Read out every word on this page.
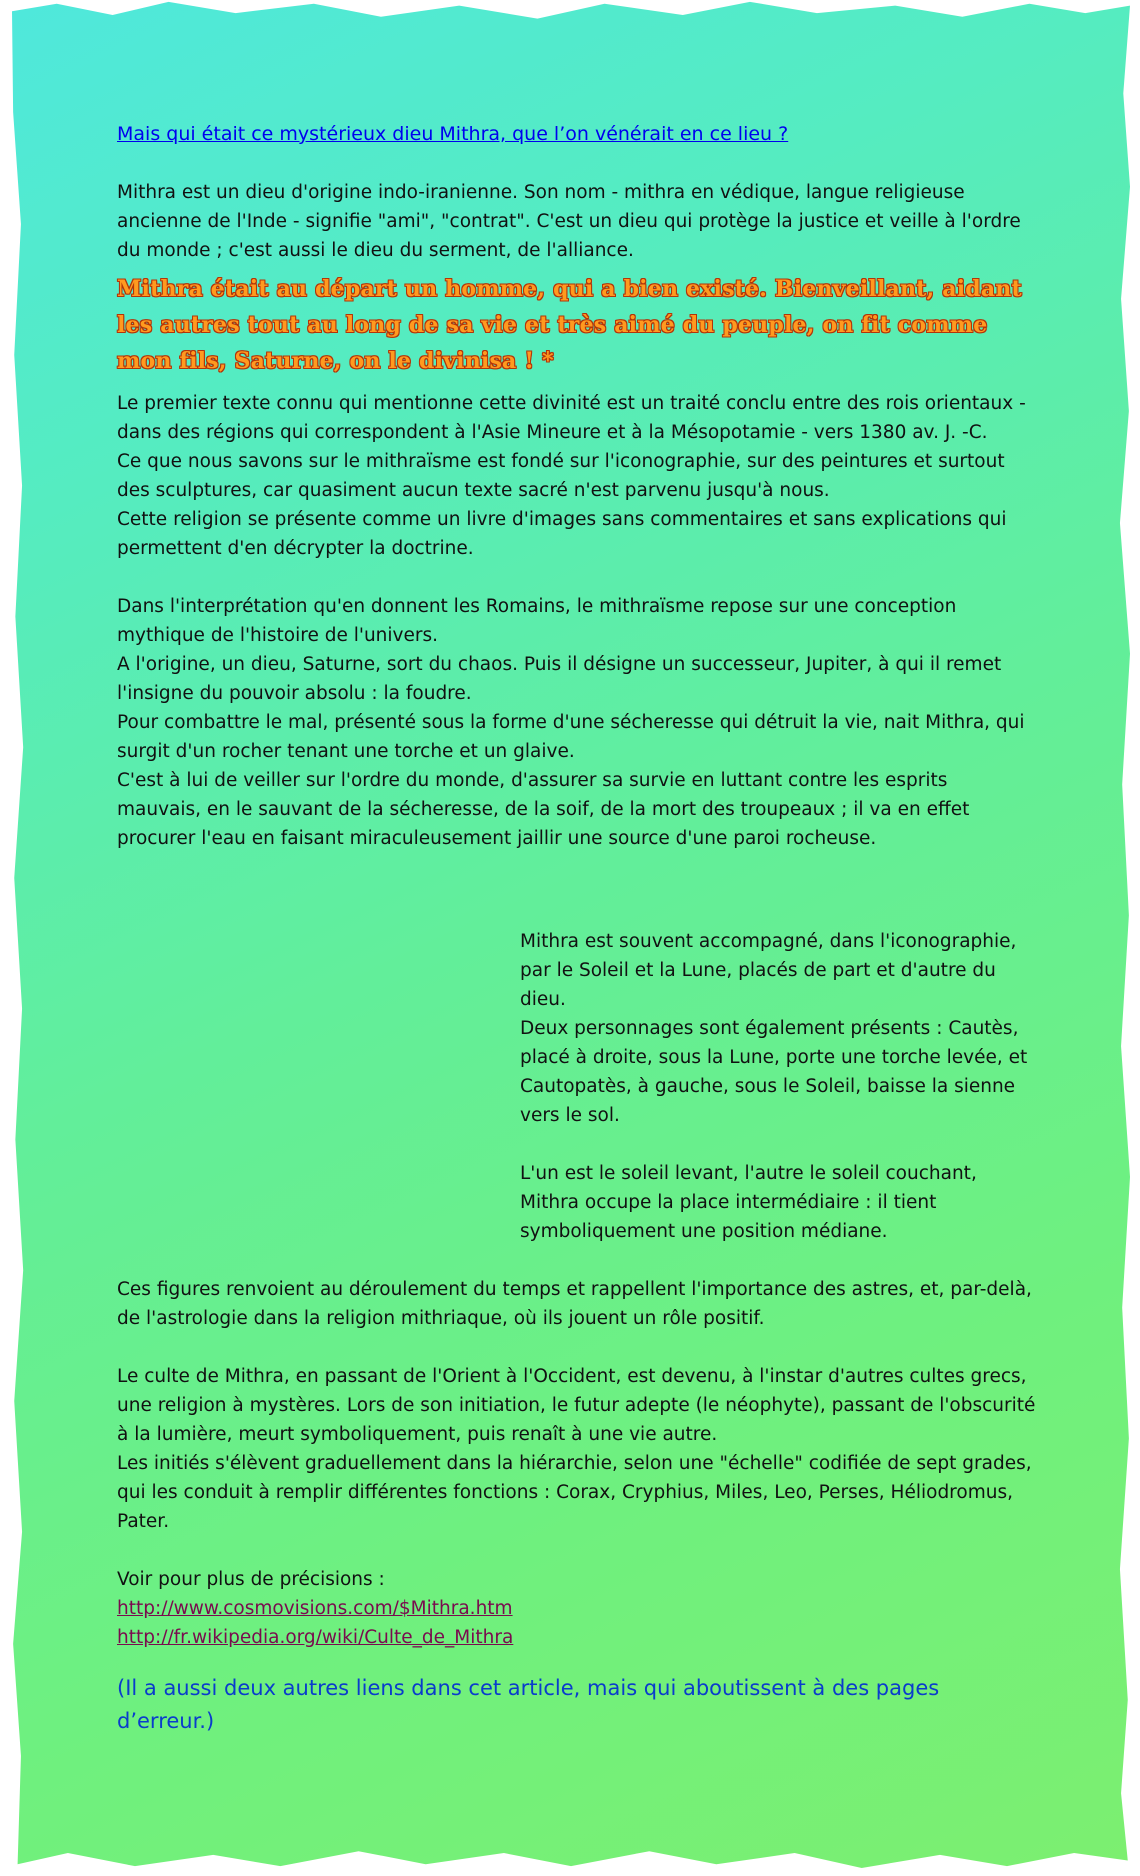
Mais qui était ce mystérieux dieu Mithra, que l’on vénérait en ce lieu ?

Mithra est un dieu d'origine indo-iranienne. Son nom - mithra en védique, langue religieuse ancienne de l'Inde - signifie "ami", "contrat". C'est un dieu qui protège la justice et veille à l'ordre du monde ; c'est aussi le dieu du serment, de l'alliance.

Mithra était au départ un homme, qui a bien existé. Bienveillant, aidant les autres tout au long de sa vie et très aimé du peuple, on fit comme mon fils, Saturne, on le divinisa ! *

Le premier texte connu qui mentionne cette divinité est un traité conclu entre des rois orientaux - dans des régions qui correspondent à l'Asie Mineure et à la Mésopotamie - vers 1380 av. J. -C.

Ce que nous savons sur le mithraïsme est fondé sur l'iconographie, sur des peintures et surtout des sculptures, car quasiment aucun texte sacré n'est parvenu jusqu'à nous.

Cette religion se présente comme un livre d'images sans commentaires et sans explications qui permettent d'en décrypter la doctrine.

Dans l'interprétation qu'en donnent les Romains, le mithraïsme repose sur une conception mythique de l'histoire de l'univers.

A l'origine, un dieu, Saturne, sort du chaos. Puis il désigne un successeur, Jupiter, à qui il remet l'insigne du pouvoir absolu : la foudre.

Pour combattre le mal, présenté sous la forme d'une sécheresse qui détruit la vie, nait Mithra, qui surgit d'un rocher tenant une torche et un glaive.

C'est à lui de veiller sur l'ordre du monde, d'assurer sa survie en luttant contre les esprits mauvais, en le sauvant de la sécheresse, de la soif, de la mort des troupeaux ; il va en effet procurer l'eau en faisant miraculeusement jaillir une source d'une paroi rocheuse.

Mithra est souvent accompagné, dans l'iconographie, par le Soleil et la Lune, placés de part et d'autre du dieu.

Deux personnages sont également présents : Cautès, placé à droite, sous la Lune, porte une torche levée, et Cautopatès, à gauche, sous le Soleil, baisse la sienne vers le sol.

L'un est le soleil levant, l'autre le soleil couchant, Mithra occupe la place intermédiaire : il tient symboliquement une position médiane.

Ces figures renvoient au déroulement du temps et rappellent l'importance des astres, et, par-delà, de l'astrologie dans la religion mithriaque, où ils jouent un rôle positif.

Le culte de Mithra, en passant de l'Orient à l'Occident, est devenu, à l'instar d'autres cultes grecs, une religion à mystères. Lors de son initiation, le futur adepte (le néophyte), passant de l'obscurité à la lumière, meurt symboliquement, puis renaît à une vie autre.

Les initiés s'élèvent graduellement dans la hiérarchie, selon une "échelle" codifiée de sept grades, qui les conduit à remplir différentes fonctions : Corax, Cryphius, Miles, Leo, Perses, Héliodromus, Pater.

Voir pour plus de précisions :

http://www.cosmovisions.com/$Mithra.htm

http://fr.wikipedia.org/wiki/Culte_de_Mithra

(Il a aussi deux autres liens dans cet article, mais qui aboutissent à des pages d’erreur.)
